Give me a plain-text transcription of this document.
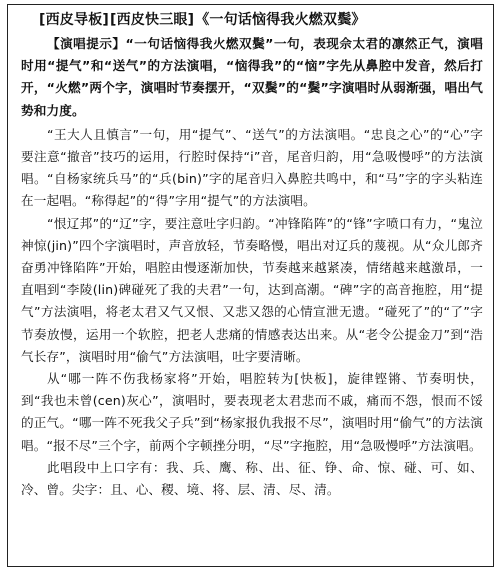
[西皮导板][西皮快三眼]《一句话恼得我火燃双鬓》

【演唱提示】“一句话恼得我火燃双鬓”一句，表现佘太君的凛然正气，演唱时用“提气”和“送气”的方法演唱，“恼得我”的“恼”字先从鼻腔中发音，然后打开，“火燃”两个字，演唱时节奏摆开，“双鬓”的“鬓”字演唱时从弱渐强，唱出气势和力度。

“王大人且慎言”一句，用“提气”、“送气”的方法演唱。“忠良之心”的“心”字要注意“撤音”技巧的运用，行腔时保持“i”音，尾音归韵，用“急吸慢呼”的方法演唱。“自杨家统兵马”的“兵(bin)”字的尾音归入鼻腔共鸣中，和“马”字的字头粘连在一起唱。“称得起”的“得”字用“提气”的方法演唱。

“恨辽邦”的“辽”字，要注意吐字归韵。“冲锋陷阵”的“锋”字喷口有力，“鬼泣神惊(jin)”四个字演唱时，声音放轻，节奏略慢，唱出对辽兵的蔑视。从“众儿郎齐奋勇冲锋陷阵”开始，唱腔由慢逐渐加快，节奏越来越紧凑，情绪越来越激昂，一直唱到“李陵(lin)碑碰死了我的夫君”一句，达到高潮。“碑”字的高音拖腔，用“提气”方法演唱，将老太君又气又恨、又悲又怨的心情宣泄无遗。“碰死了”的“了”字节奏放慢，运用一个软腔，把老人悲痛的情感表达出来。从“老令公提金刀”到“浩气长存”，演唱时用“偷气”方法演唱，吐字要清晰。

从“哪一阵不伤我杨家将”开始，唱腔转为[快板]，旋律铿锵、节奏明快，到“我也未曾(cen)灰心”，演唱时，要表现老太君悲而不戚，痛而不怨，恨而不馁的正气。“哪一阵不死我父子兵”到“杨家报仇我报不尽”，演唱时用“偷气”的方法演唱。“报不尽”三个字，前两个字顿挫分明，“尽”字拖腔，用“急吸慢呼”方法演唱。

此唱段中上口字有：我、兵、鹰、称、出、征、铮、命、惊、碰、可、如、冷、曾。尖字：且、心、稷、境、将、层、清、尽、清。
